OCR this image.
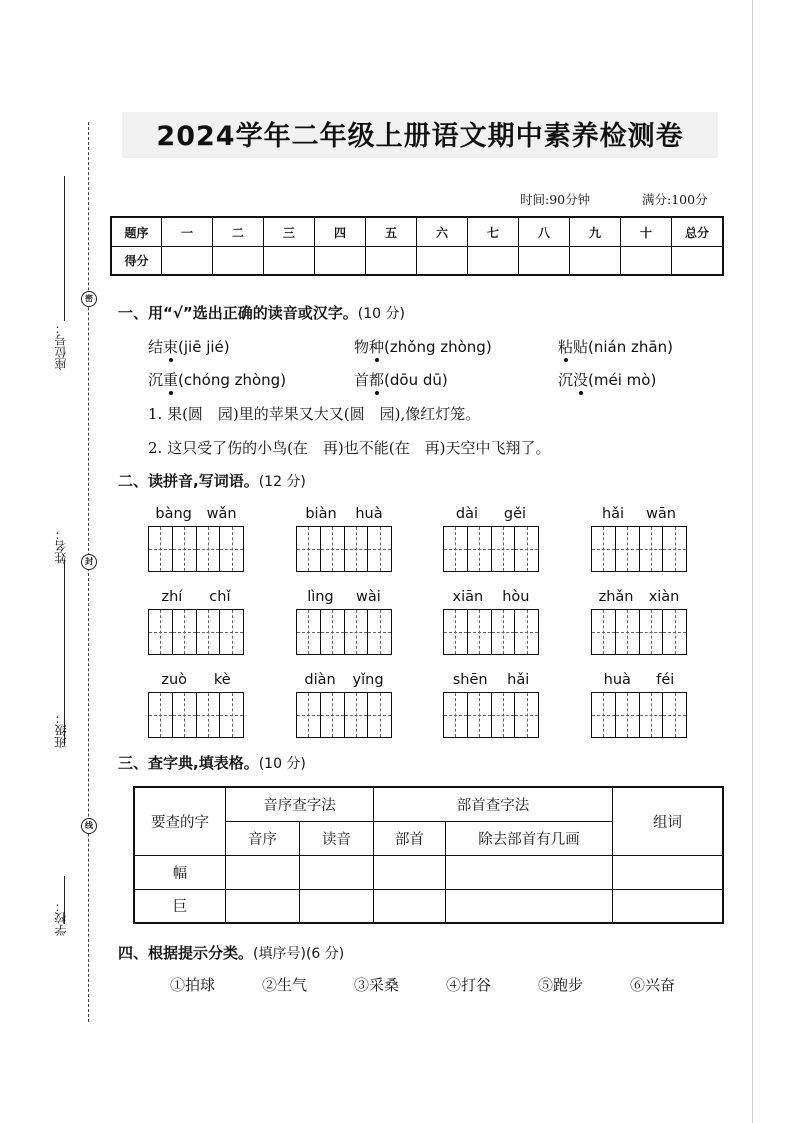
座位号：
姓名：
班级：
学校：
密
封
线
2024学年二年级上册语文期中素养检测卷
时间:90分钟	满分:100分
题序	一	二	三	四	五	六	七	八	九	十	总分
得分											
一、用“√”选出正确的读音或汉字。(10 分)
结束(jiē jié)	物种(zhǒng zhòng)	粘贴(nián zhān)
沉重(chóng zhòng)	首都(dōu dū)	沉没(méi mò)
1. 果(圆　园)里的苹果又大又(圆　园),像红灯笼。
2. 这只受了伤的小鸟(在　再)也不能(在　再)天空中飞翔了。
二、读拼音,写词语。(12 分)
bàng wǎn	biàn huà	dài gěi	hǎi wān
zhí chǐ	lìng wài	xiān hòu	zhǎn xiàn
zuò kè	diàn yǐng	shēn hǎi	huà féi
三、查字典,填表格。(10 分)
要查的字	音序查字法		部首查字法		组词
	音序	读音	部首	除去部首有几画	
幅					
巨					
四、根据提示分类。(填序号)(6 分)
①拍球	②生气	③采桑	④打谷	⑤跑步	⑥兴奋
